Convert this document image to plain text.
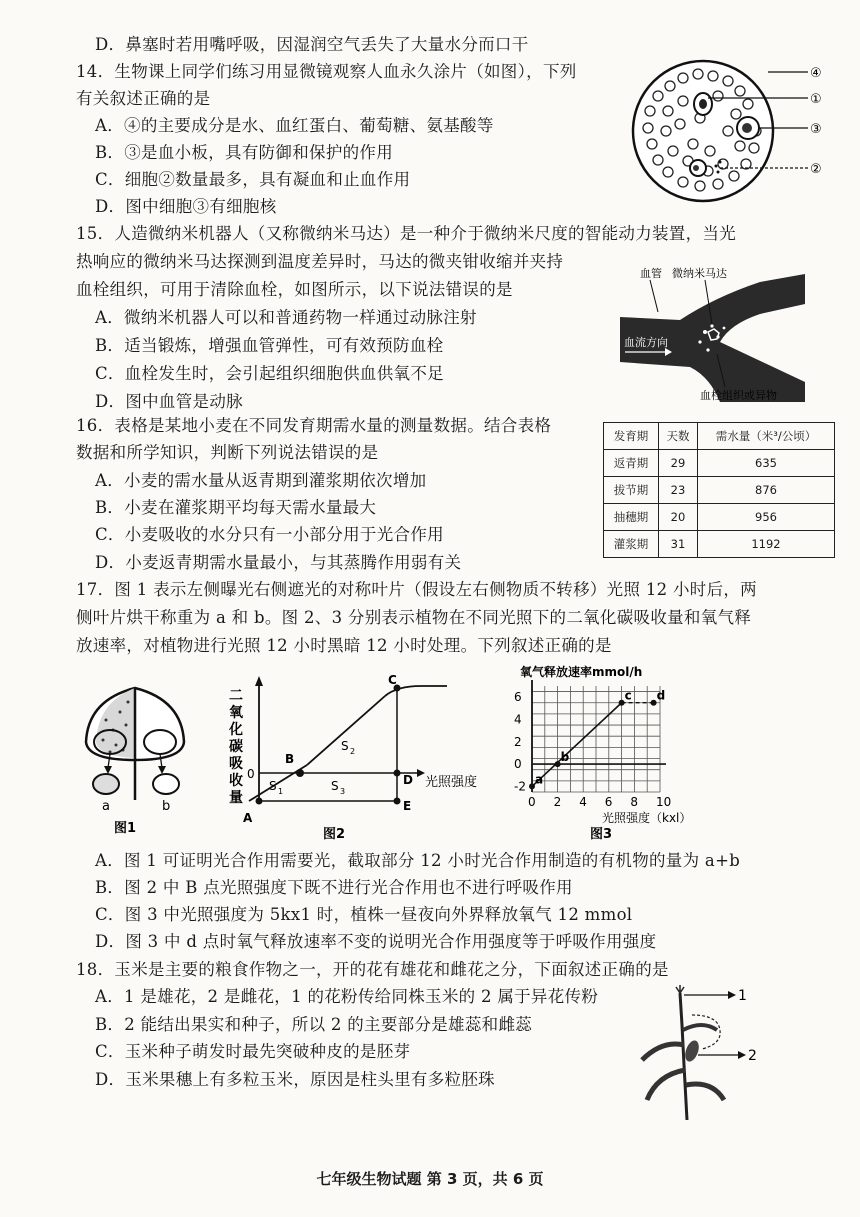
D．鼻塞时若用嘴呼吸，因湿润空气丢失了大量水分而口干
14．生物课上同学们练习用显微镜观察人血永久涂片（如图），下列
有关叙述正确的是
A．④的主要成分是水、血红蛋白、葡萄糖、氨基酸等
B．③是血小板，具有防御和保护的作用
C．细胞②数量最多，具有凝血和止血作用
D．图中细胞③有细胞核
15．人造微纳米机器人（又称微纳米马达）是一种介于微纳米尺度的智能动力装置，当光
热响应的微纳米马达探测到温度差异时，马达的微夹钳收缩并夹持
血栓组织，可用于清除血栓，如图所示，以下说法错误的是
A．微纳米机器人可以和普通药物一样通过动脉注射
B．适当锻炼，增强血管弹性，可有效预防血栓
C．血栓发生时，会引起组织细胞供血供氧不足
D．图中血管是动脉
16．表格是某地小麦在不同发育期需水量的测量数据。结合表格
数据和所学知识，判断下列说法错误的是
A．小麦的需水量从返青期到灌浆期依次增加
B．小麦在灌浆期平均每天需水量最大
C．小麦吸收的水分只有一小部分用于光合作用
D．小麦返青期需水量最小，与其蒸腾作用弱有关
17．图 1 表示左侧曝光右侧遮光的对称叶片（假设左右侧物质不转移）光照 12 小时后，两
侧叶片烘干称重为 a 和 b。图 2、3 分别表示植物在不同光照下的二氧化碳吸收量和氧气释
放速率，对植物进行光照 12 小时黑暗 12 小时处理。下列叙述正确的是
A．图 1 可证明光合作用需要光，截取部分 12 小时光合作用制造的有机物的量为 a+b
B．图 2 中 B 点光照强度下既不进行光合作用也不进行呼吸作用
C．图 3 中光照强度为 5kx1 时，植株一昼夜向外界释放氧气 12 mmol
D．图 3 中 d 点时氧气释放速率不变的说明光合作用强度等于呼吸作用强度
18．玉米是主要的粮食作物之一，开的花有雄花和雌花之分，下面叙述正确的是
A．1 是雄花，2 是雌花，1 的花粉传给同株玉米的 2 属于异花传粉
B．2 能结出果实和种子，所以 2 的主要部分是雄蕊和雌蕊
C．玉米种子萌发时最先突破种皮的是胚芽
D．玉米果穗上有多粒玉米，原因是柱头里有多粒胚珠
④
①
③
②
血管 微纳米马达
血流方向
血栓组织或异物
发育期	天数	需水量（米³/公顷）
返青期	29	635
拔节期	23	876
抽穗期	20	956
灌浆期	31	1192
a	b
图1
二
氧
化
碳
吸
收
量
0
B
C
D
E
A
S 1
S 2
S 3
光照强度
图2
氧气释放速率mmol/h
0 2 4 6 8 10
-2
0
2
4
6
a
b
c d
光照强度（kxl）
图3
1
2
七年级生物试题 第 3 页，共 6 页
